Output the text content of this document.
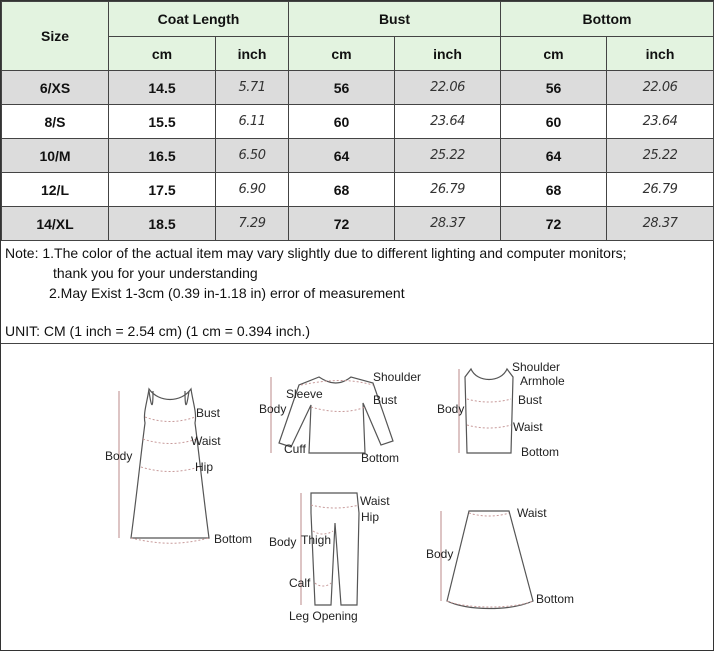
Size	Coat Length		Bust		Bottom	
	cm	inch	cm	inch	cm	inch
6/XS	14.5	5.71	56	22.06	56	22.06
8/S	15.5	6.11	60	23.64	60	23.64
10/M	16.5	6.50	64	25.22	64	25.22
12/L	17.5	6.90	68	26.79	68	26.79
14/XL	18.5	7.29	72	28.37	72	28.37
Note: 1.The color of the actual item may vary slightly due to different lighting and computer monitors;
thank you for your understanding
2.May Exist 1-3cm (0.39 in-1.18 in) error of measurement
UNIT: CM (1 inch = 2.54 cm) (1 cm = 0.394 inch.)
Body
Bust
Waist
Hip
Bottom
Body
Sleeve
Shoulder
Bust
Cuff
Bottom
Body
Shoulder
Armhole
Bust
Waist
Bottom
Body Thigh
Waist
Hip
Calf
Leg Opening
Body
Waist
Bottom
